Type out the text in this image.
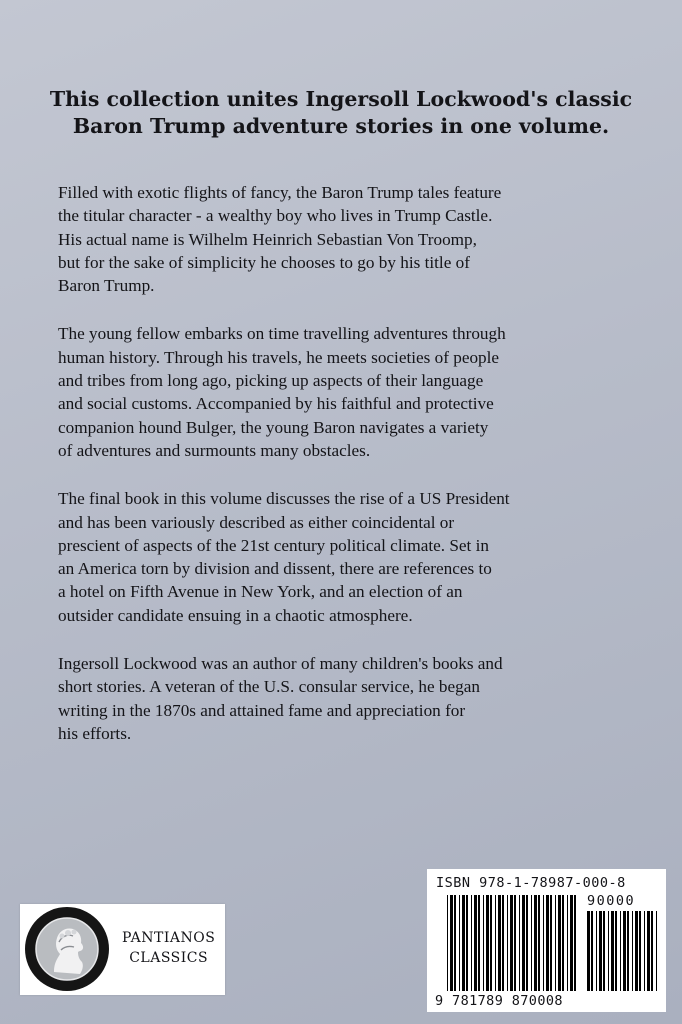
This collection unites Ingersoll Lockwood's classic
Baron Trump adventure stories in one volume.

Filled with exotic flights of fancy, the Baron Trump tales feature
the titular character - a wealthy boy who lives in Trump Castle.
His actual name is Wilhelm Heinrich Sebastian Von Troomp,
but for the sake of simplicity he chooses to go by his title of
Baron Trump.

The young fellow embarks on time travelling adventures through
human history. Through his travels, he meets societies of people
and tribes from long ago, picking up aspects of their language
and social customs. Accompanied by his faithful and protective
companion hound Bulger, the young Baron navigates a variety
of adventures and surmounts many obstacles.

The final book in this volume discusses the rise of a US President
and has been variously described as either coincidental or
prescient of aspects of the 21st century political climate. Set in
an America torn by division and dissent, there are references to
a hotel on Fifth Avenue in New York, and an election of an
outsider candidate ensuing in a chaotic atmosphere.

Ingersoll Lockwood was an author of many children's books and
short stories. A veteran of the U.S. consular service, he began
writing in the 1870s and attained fame and appreciation for
his efforts.

PANTIANOS
CLASSICS
ISBN 978-1-78987-000-8
90000
9 781789 870008
